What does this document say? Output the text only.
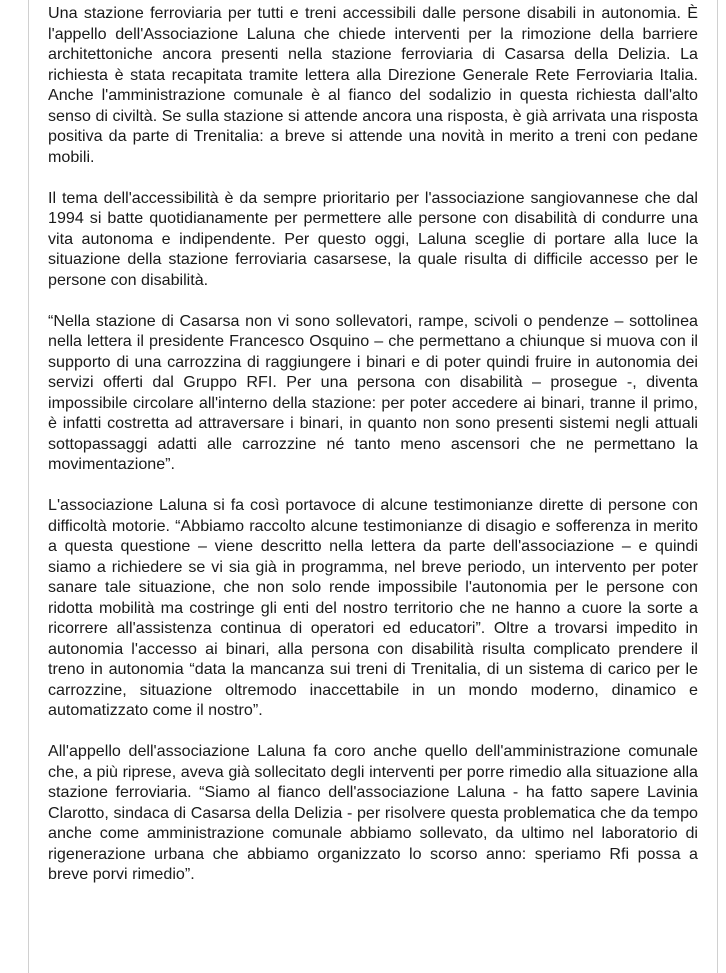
Una stazione ferroviaria per tutti e treni accessibili dalle persone disabili in autonomia. È l'appello dell'Associazione Laluna che chiede interventi per la rimozione della barriere architettoniche ancora presenti nella stazione ferroviaria di Casarsa della Delizia. La richiesta è stata recapitata tramite lettera alla Direzione Generale Rete Ferroviaria Italia. Anche l'amministrazione comunale è al fianco del sodalizio in questa richiesta dall'alto senso di civiltà. Se sulla stazione si attende ancora una risposta, è già arrivata una risposta positiva da parte di Trenitalia: a breve si attende una novità in merito a treni con pedane mobili.

Il tema dell'accessibilità è da sempre prioritario per l'associazione sangiovannese che dal 1994 si batte quotidianamente per permettere alle persone con disabilità di condurre una vita autonoma e indipendente. Per questo oggi, Laluna sceglie di portare alla luce la situazione della stazione ferroviaria casarsese, la quale risulta di difficile accesso per le persone con disabilità.

“Nella stazione di Casarsa non vi sono sollevatori, rampe, scivoli o pendenze – sottolinea nella lettera il presidente Francesco Osquino – che permettano a chiunque si muova con il supporto di una carrozzina di raggiungere i binari e di poter quindi fruire in autonomia dei servizi offerti dal Gruppo RFI. Per una persona con disabilità – prosegue -, diventa impossibile circolare all'interno della stazione: per poter accedere ai binari, tranne il primo, è infatti costretta ad attraversare i binari, in quanto non sono presenti sistemi negli attuali sottopassaggi adatti alle carrozzine né tanto meno ascensori che ne permettano la movimentazione”.

L'associazione Laluna si fa così portavoce di alcune testimonianze dirette di persone con difficoltà motorie. “Abbiamo raccolto alcune testimonianze di disagio e sofferenza in merito a questa questione – viene descritto nella lettera da parte dell'associazione – e quindi siamo a richiedere se vi sia già in programma, nel breve periodo, un intervento per poter sanare tale situazione, che non solo rende impossibile l'autonomia per le persone con ridotta mobilità ma costringe gli enti del nostro territorio che ne hanno a cuore la sorte a ricorrere all'assistenza continua di operatori ed educatori”. Oltre a trovarsi impedito in autonomia l'accesso ai binari, alla persona con disabilità risulta complicato prendere il treno in autonomia “data la mancanza sui treni di Trenitalia, di un sistema di carico per le carrozzine, situazione oltremodo inaccettabile in un mondo moderno, dinamico e automatizzato come il nostro”.

All'appello dell'associazione Laluna fa coro anche quello dell'amministrazione comunale che, a più riprese, aveva già sollecitato degli interventi per porre rimedio alla situazione alla stazione ferroviaria. “Siamo al fianco dell'associazione Laluna - ha fatto sapere Lavinia Clarotto, sindaca di Casarsa della Delizia - per risolvere questa problematica che da tempo anche come amministrazione comunale abbiamo sollevato, da ultimo nel laboratorio di rigenerazione urbana che abbiamo organizzato lo scorso anno: speriamo Rfi possa a breve porvi rimedio”.
